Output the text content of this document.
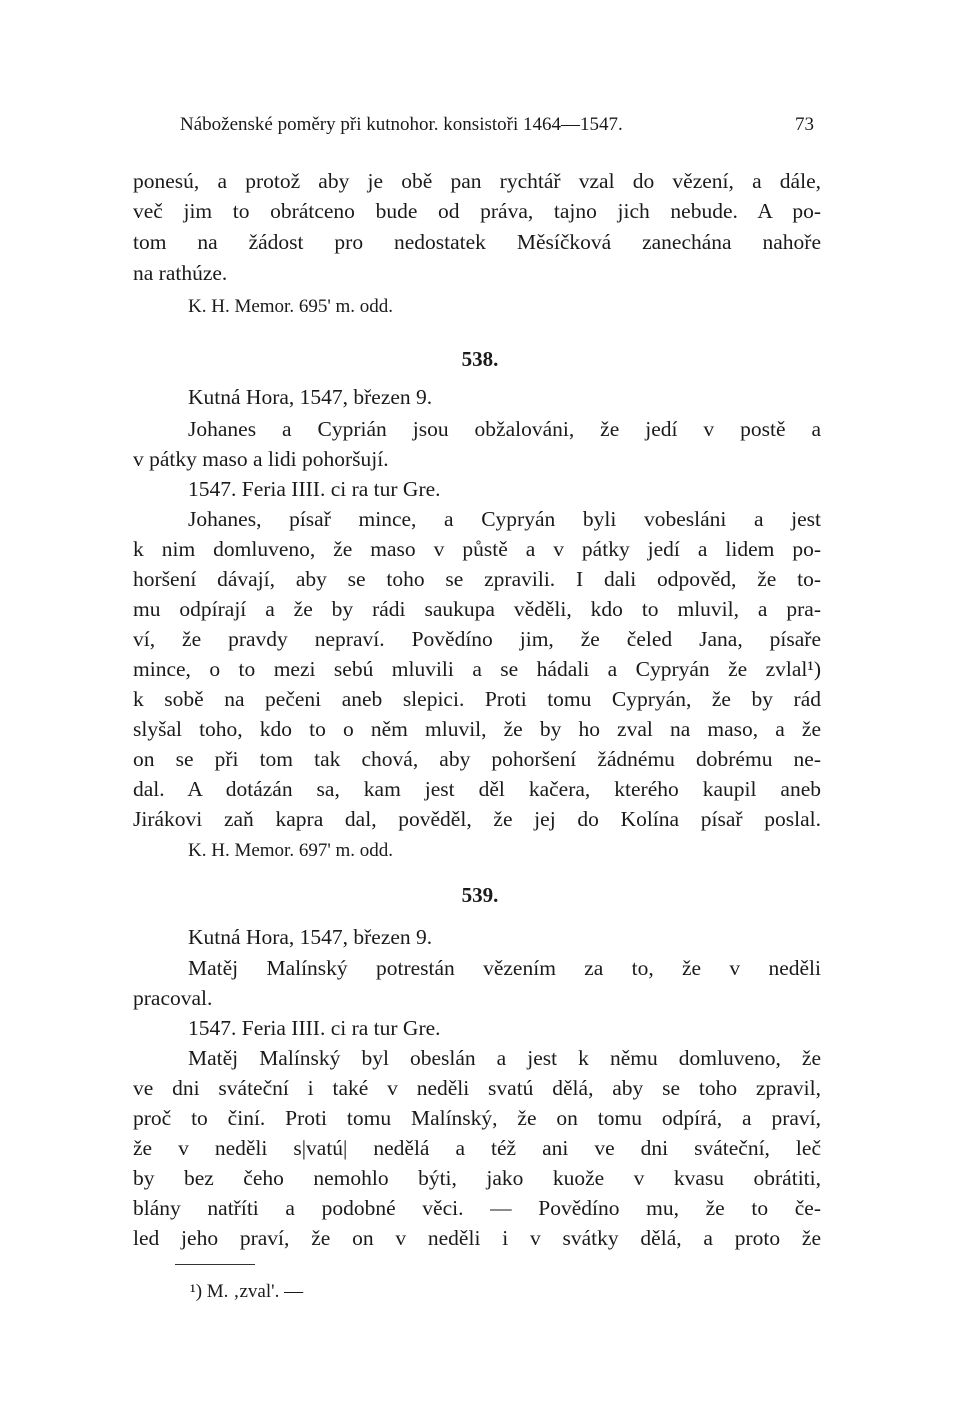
Náboženské poměry při kutnohor. konsistoři 1464—1547.	73
ponesú, a protož aby je obě pan rychtář vzal do vězení, a dále,
več jim to obrátceno bude od práva, tajno jich nebude. A po-
tom na žádost pro nedostatek Měsíčková zanechána nahoře
na rathúze.
K. H. Memor. 695' m. odd.
538.
Kutná Hora, 1547, březen 9.
Johanes a Cyprián jsou obžalováni, že jedí v postě a
v pátky maso a lidi pohoršují.
1547. Feria IIII. ci ra tur Gre.
Johanes, písař mince, a Cypryán byli vobesláni a jest
k nim domluveno, že maso v půstě a v pátky jedí a lidem po-
horšení dávají, aby se toho se zpravili. I dali odpověd, že to-
mu odpírají a že by rádi saukupa věděli, kdo to mluvil, a pra-
ví, že pravdy nepraví. Povědíno jim, že čeled Jana, písaře
mince, o to mezi sebú mluvili a se hádali a Cypryán že zvlal¹)
k sobě na pečeni aneb slepici. Proti tomu Cypryán, že by rád
slyšal toho, kdo to o něm mluvil, že by ho zval na maso, a že
on se při tom tak chová, aby pohoršení žádnému dobrému ne-
dal. A dotázán sa, kam jest děl kačera, kterého kaupil aneb
Jirákovi zaň kapra dal, pověděl, že jej do Kolína písař poslal.
K. H. Memor. 697' m. odd.
539.
Kutná Hora, 1547, březen 9.
Matěj Malínský potrestán vězením za to, že v neděli
pracoval.
1547. Feria IIII. ci ra tur Gre.
Matěj Malínský byl obeslán a jest k němu domluveno, že
ve dni sváteční i také v neděli svatú dělá, aby se toho zpravil,
proč to činí. Proti tomu Malínský, že on tomu odpírá, a praví,
že v neděli s|vatú| nedělá a též ani ve dni sváteční, leč
by bez čeho nemohlo býti, jako kuože v kvasu obrátiti,
blány natříti a podobné věci. — Povědíno mu, že to če-
led jeho praví, že on v neděli i v svátky dělá, a proto že
¹) M. ‚zval'. —
